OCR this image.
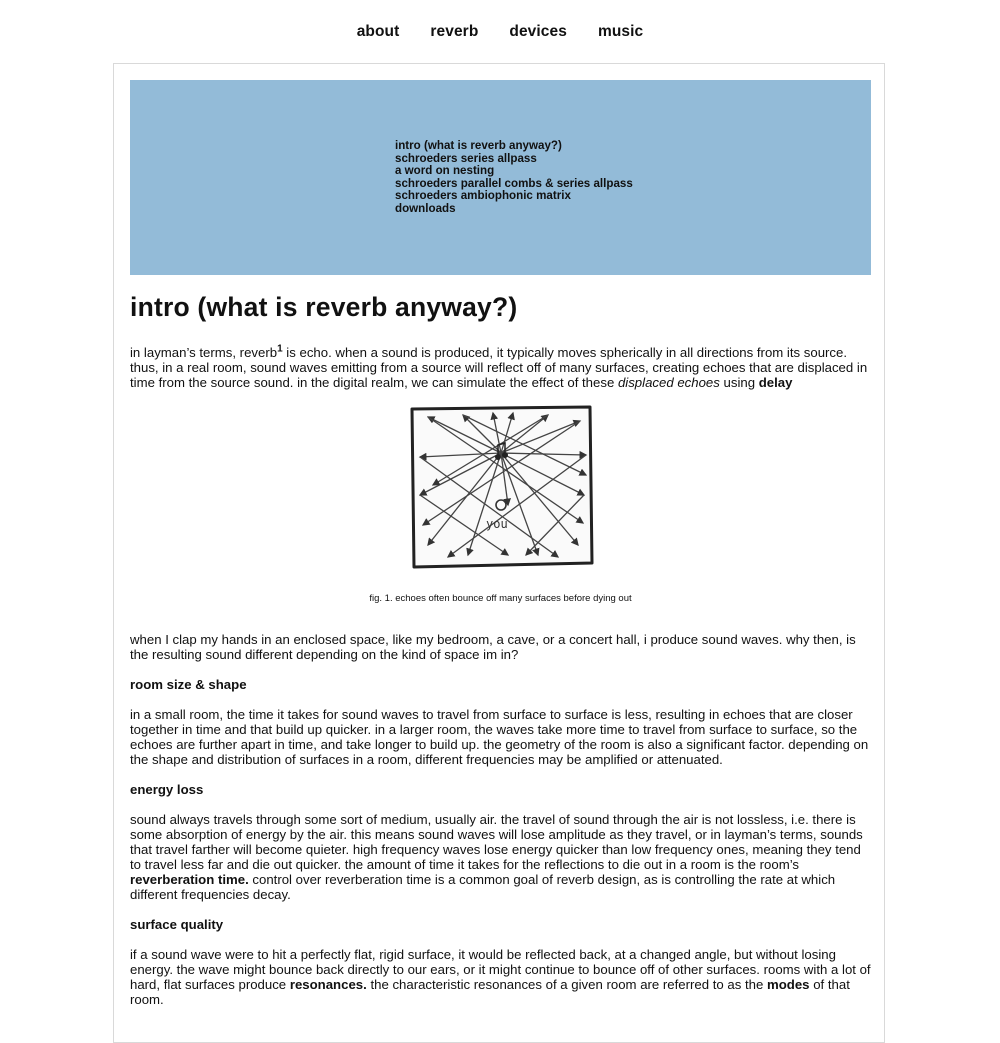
about reverb devices music
intro (what is reverb anyway?)
schroeders series allpass
a word on nesting
schroeders parallel combs & series allpass
schroeders ambiophonic matrix
downloads
intro (what is reverb anyway?)

in layman’s terms, reverb$^1$ is echo. when a sound is produced, it typically moves spherically in all directions from its source. thus, in a real room, sound waves emitting from a source will reflect off of many surfaces, creating echoes that are displaced in time from the source sound. in the digital realm, we can simulate the effect of these displaced echoes using delay

you
fig. 1. echoes often bounce off many surfaces before dying out

when I clap my hands in an enclosed space, like my bedroom, a cave, or a concert hall, i produce sound waves. why then, is the resulting sound different depending on the kind of space im in?

room size & shape

in a small room, the time it takes for sound waves to travel from surface to surface is less, resulting in echoes that are closer together in time and that build up quicker. in a larger room, the waves take more time to travel from surface to surface, so the echoes are further apart in time, and take longer to build up. the geometry of the room is also a significant factor. depending on the shape and distribution of surfaces in a room, different frequencies may be amplified or attenuated.

energy loss

sound always travels through some sort of medium, usually air. the travel of sound through the air is not lossless, i.e. there is some absorption of energy by the air. this means sound waves will lose amplitude as they travel, or in layman’s terms, sounds that travel farther will become quieter. high frequency waves lose energy quicker than low frequency ones, meaning they tend to travel less far and die out quicker. the amount of time it takes for the reflections to die out in a room is the room’s reverberation time. control over reverberation time is a common goal of reverb design, as is controlling the rate at which different frequencies decay.

surface quality

if a sound wave were to hit a perfectly flat, rigid surface, it would be reflected back, at a changed angle, but without losing energy. the wave might bounce back directly to our ears, or it might continue to bounce off of other surfaces. rooms with a lot of hard, flat surfaces produce resonances. the characteristic resonances of a given room are referred to as the modes of that room.
